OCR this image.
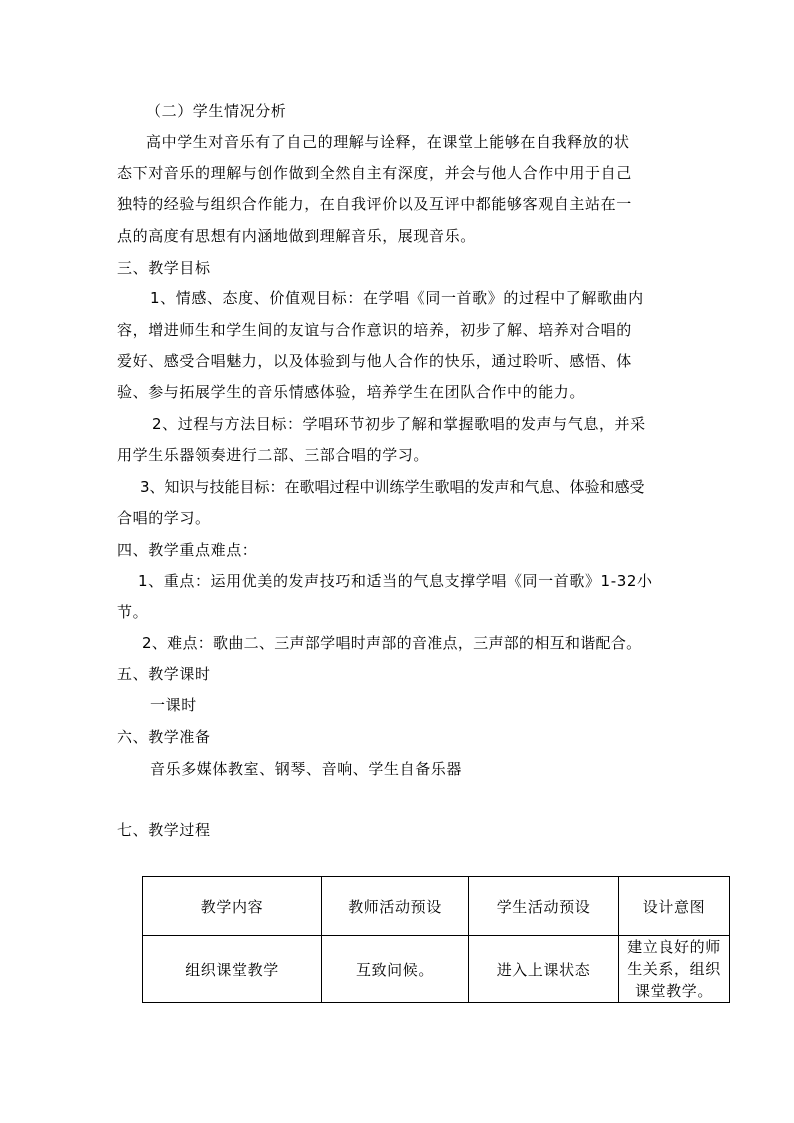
（二）学生情况分析
高中学生对音乐有了自己的理解与诠释，在课堂上能够在自我释放的状
态下对音乐的理解与创作做到全然自主有深度，并会与他人合作中用于自己
独特的经验与组织合作能力，在自我评价以及互评中都能够客观自主站在一
点的高度有思想有内涵地做到理解音乐，展现音乐。
三、教学目标
1、情感、态度、价值观目标：在学唱《同一首歌》的过程中了解歌曲内
容，增进师生和学生间的友谊与合作意识的培养，初步了解、培养对合唱的
爱好、感受合唱魅力，以及体验到与他人合作的快乐，通过聆听、感悟、体
验、参与拓展学生的音乐情感体验，培养学生在团队合作中的能力。
2、过程与方法目标：学唱环节初步了解和掌握歌唱的发声与气息，并采
用学生乐器领奏进行二部、三部合唱的学习。
3、知识与技能目标：在歌唱过程中训练学生歌唱的发声和气息、体验和感受
合唱的学习。
四、教学重点难点：
1、重点：运用优美的发声技巧和适当的气息支撑学唱《同一首歌》1-32小
节。
2、难点：歌曲二、三声部学唱时声部的音准点，三声部的相互和谐配合。
五、教学课时
一课时
六、教学准备
音乐多媒体教室、钢琴、音响、学生自备乐器
七、教学过程
教学内容	教师活动预设	学生活动预设	设计意图
组织课堂教学	互致问候。	进入上课状态	建立良好的师
生关系，组织
课堂教学。
